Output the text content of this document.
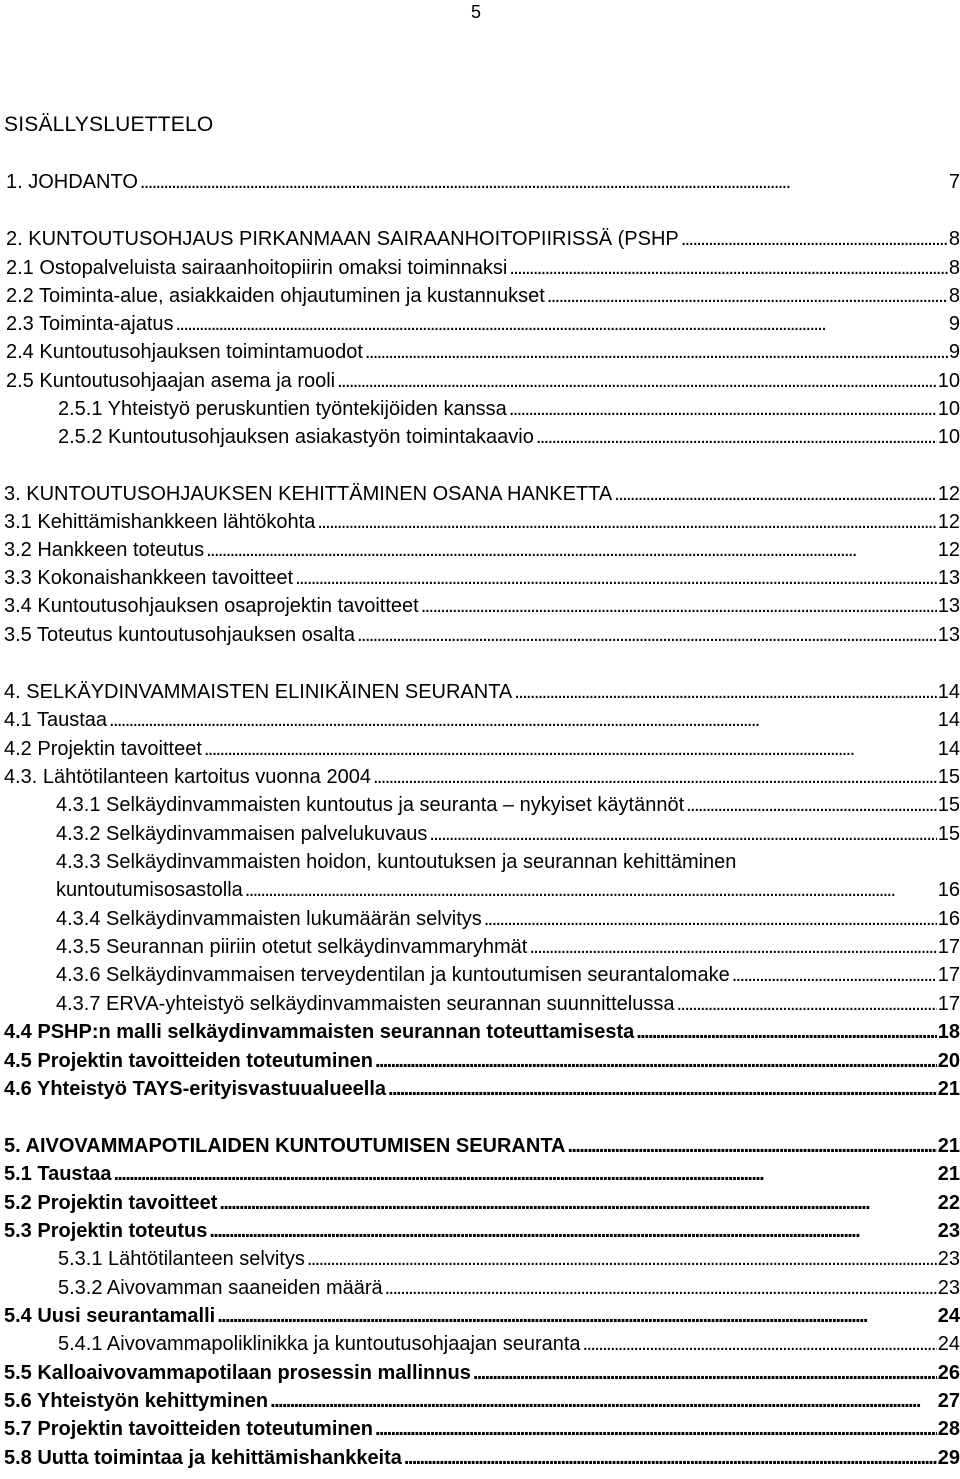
5
SISÄLLYSLUETTELO
1. JOHDANTO . . .	7
2. KUNTOUTUSOHJAUS PIRKANMAAN SAIRAANHOITOPIIRISSÄ (PSHP . . .	8
2.1 Ostopalveluista sairaanhoitopiirin omaksi toiminnaksi . . .	8
2.2 Toiminta-alue, asiakkaiden ohjautuminen ja kustannukset . . .	8
2.3 Toiminta-ajatus . . .	9
2.4 Kuntoutusohjauksen toimintamuodot . . .	9
2.5 Kuntoutusohjaajan asema ja rooli . . .	10
2.5.1 Yhteistyö peruskuntien työntekijöiden kanssa . . .	10
2.5.2 Kuntoutusohjauksen asiakastyön toimintakaavio . . .	10
3. KUNTOUTUSOHJAUKSEN KEHITTÄMINEN OSANA HANKETTA . . .	12
3.1 Kehittämishankkeen lähtökohta . . .	12
3.2 Hankkeen toteutus . . .	12
3.3 Kokonaishankkeen tavoitteet . . .	13
3.4 Kuntoutusohjauksen osaprojektin tavoitteet . . .	13
3.5 Toteutus kuntoutusohjauksen osalta . . .	13
4. SELKÄYDINVAMMAISTEN ELINIKÄINEN SEURANTA . . .	14
4.1 Taustaa . . .	14
4.2 Projektin tavoitteet . . .	14
4.3. Lähtötilanteen kartoitus vuonna 2004 . . .	15
4.3.1 Selkäydinvammaisten kuntoutus ja seuranta – nykyiset käytännöt . . .	15
4.3.2 Selkäydinvammaisen palvelukuvaus . . .	15
4.3.3 Selkäydinvammaisten hoidon, kuntoutuksen ja seurannan kehittäminen
kuntoutumisosastolla . . .	16
4.3.4 Selkäydinvammaisten lukumäärän selvitys . . .	16
4.3.5 Seurannan piiriin otetut selkäydinvammaryhmät . . .	17
4.3.6 Selkäydinvammaisen terveydentilan ja kuntoutumisen seurantalomake . . .	17
4.3.7 ERVA-yhteistyö selkäydinvammaisten seurannan suunnittelussa . . .	17
4.4 PSHP:n malli selkäydinvammaisten seurannan toteuttamisesta . . .	18
4.5 Projektin tavoitteiden toteutuminen . . .	20
4.6 Yhteistyö TAYS-erityisvastuualueella . . .	21
5. AIVOVAMMAPOTILAIDEN KUNTOUTUMISEN SEURANTA . . .	21
5.1 Taustaa . . .	21
5.2 Projektin tavoitteet . . .	22
5.3 Projektin toteutus . . .	23
5.3.1 Lähtötilanteen selvitys . . .	23
5.3.2 Aivovamman saaneiden määrä . . .	23
5.4 Uusi seurantamalli . . .	24
5.4.1 Aivovammapoliklinikka ja kuntoutusohjaajan seuranta . . .	24
5.5 Kalloaivovammapotilaan prosessin mallinnus . . .	26
5.6 Yhteistyön kehittyminen . . .	27
5.7 Projektin tavoitteiden toteutuminen . . .	28
5.8 Uutta toimintaa ja kehittämishankkeita . . .	29
